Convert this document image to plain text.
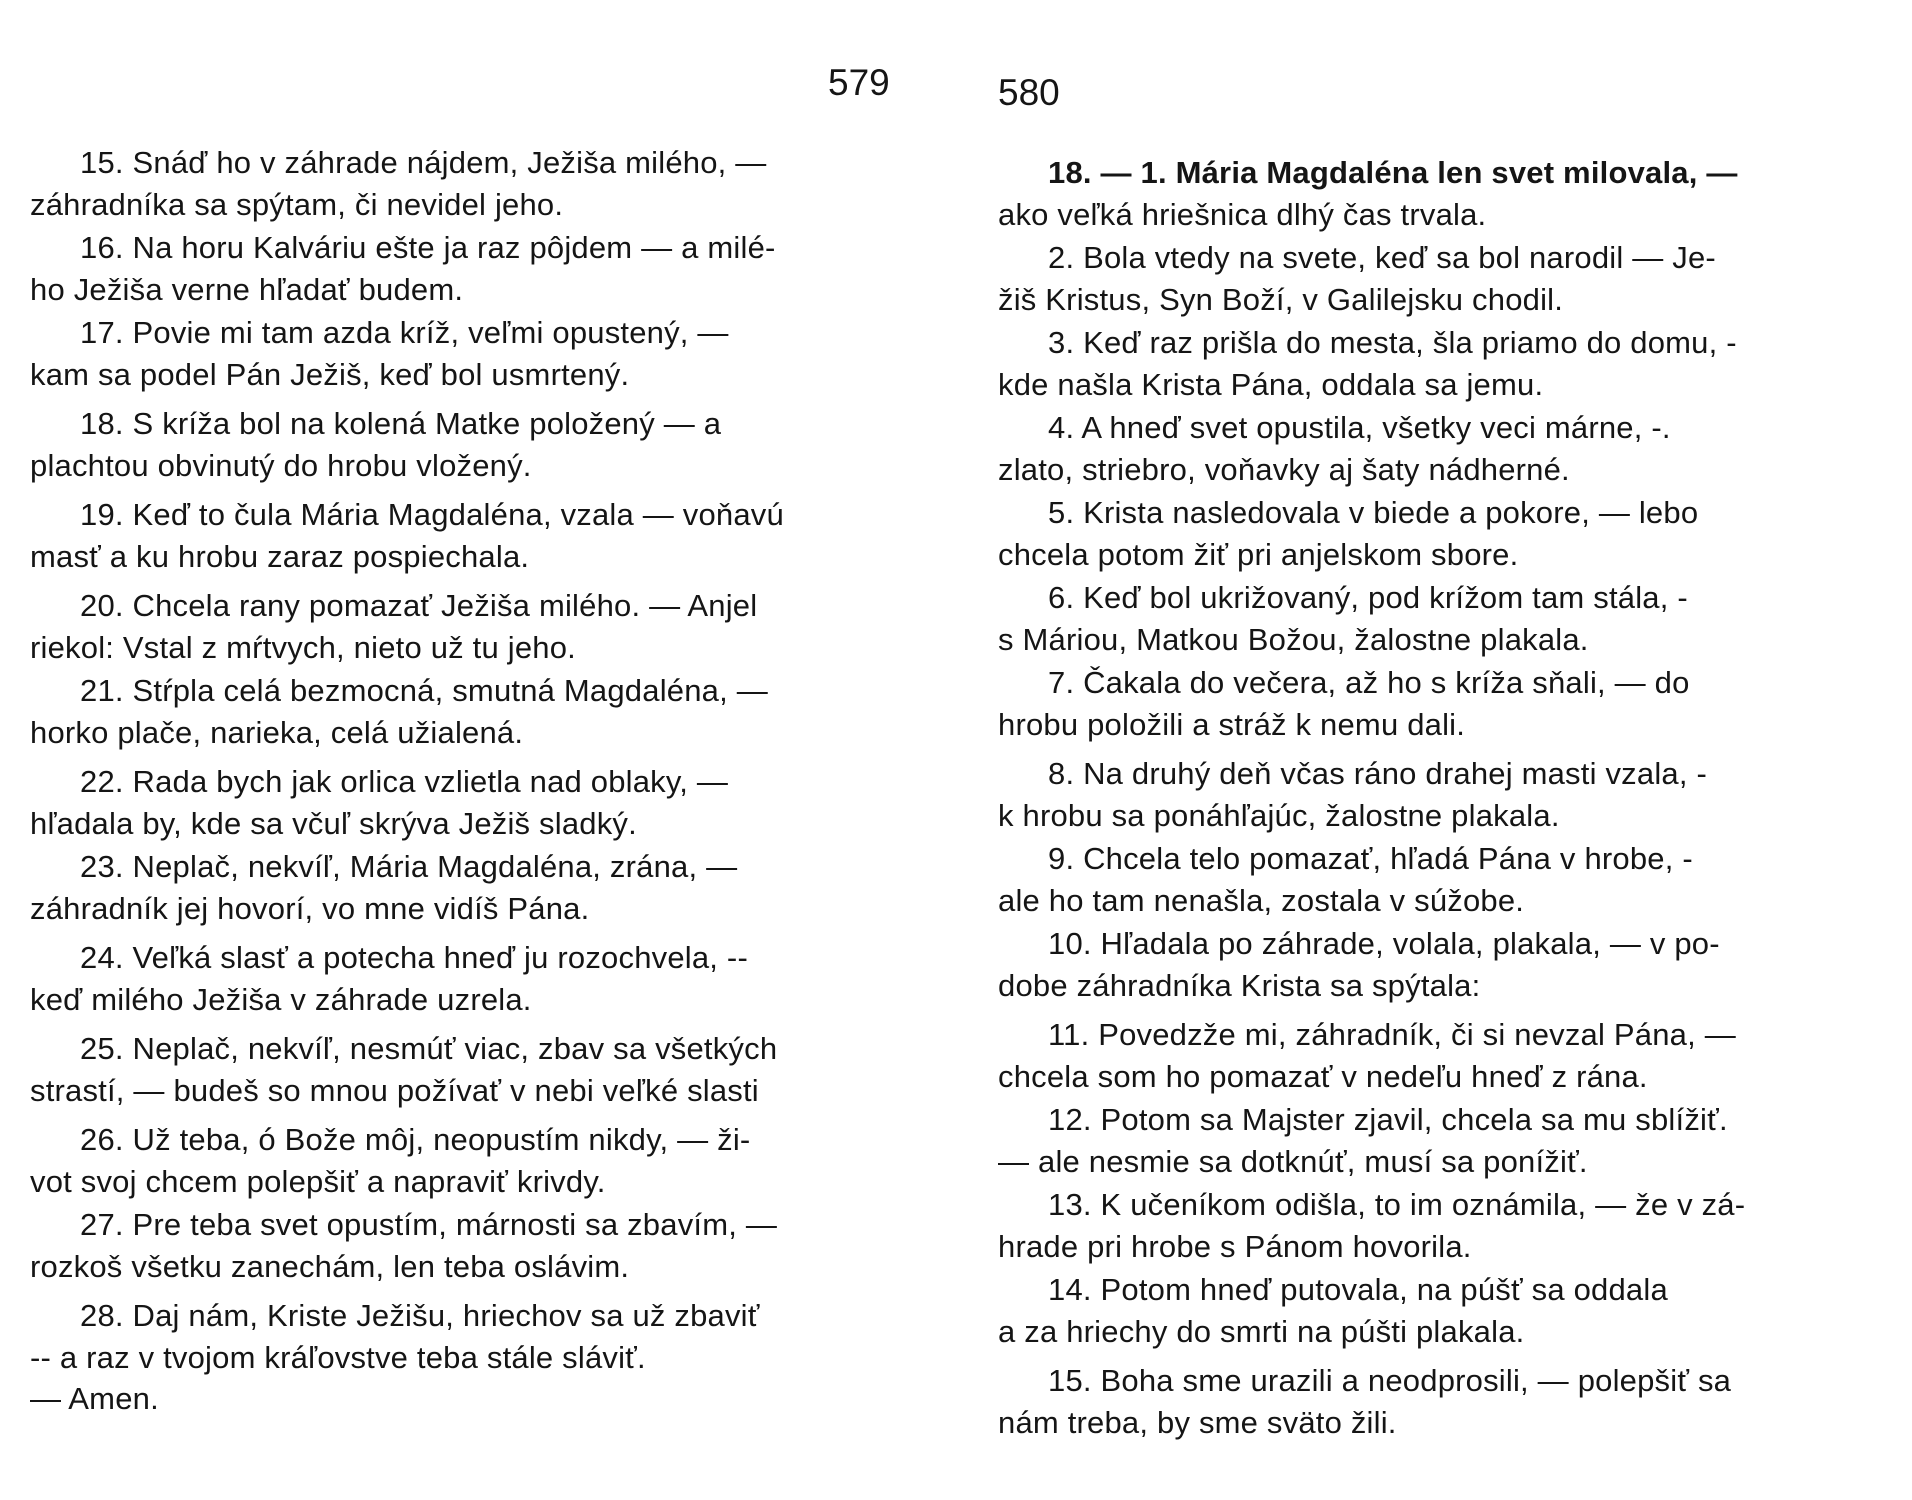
579

15. Snáď ho v záhrade nájdem, Ježiša milého, —
záhradníka sa spýtam, či nevidel jeho.

16. Na horu Kalváriu ešte ja raz pôjdem — a milé-
ho Ježiša verne hľadať budem.

17. Povie mi tam azda kríž, veľmi opustený, —
kam sa podel Pán Ježiš, keď bol usmrtený.

18. S kríža bol na kolená Matke položený — a
plachtou obvinutý do hrobu vložený.

19. Keď to čula Mária Magdaléna, vzala — voňavú
masť a ku hrobu zaraz pospiechala.

20. Chcela rany pomazať Ježiša milého. — Anjel
riekol: Vstal z mŕtvych, nieto už tu jeho.

21. Stŕpla celá bezmocná, smutná Magdaléna, —
horko plače, narieka, celá užialená.

22. Rada bych jak orlica vzlietla nad oblaky, —
hľadala by, kde sa včuľ skrýva Ježiš sladký.

23. Neplač, nekvíľ, Mária Magdaléna, zrána, —
záhradník jej hovorí, vo mne vidíš Pána.

24. Veľká slasť a potecha hneď ju rozochvela, --
keď milého Ježiša v záhrade uzrela.

25. Neplač, nekvíľ, nesmúť viac, zbav sa všetkých
strastí, — budeš so mnou požívať v nebi veľké slasti

26. Už teba, ó Bože môj, neopustím nikdy, — ži-
vot svoj chcem polepšiť a napraviť krivdy.

27. Pre teba svet opustím, márnosti sa zbavím, —
rozkoš všetku zanechám, len teba oslávim.

28. Daj nám, Kriste Ježišu, hriechov sa už zbaviť
-- a raz v tvojom kráľovstve teba stále sláviť.
— Amen.

580

18. — 1. Mária Magdaléna len svet milovala, —
ako veľká hriešnica dlhý čas trvala.

2. Bola vtedy na svete, keď sa bol narodil — Je-
žiš Kristus, Syn Boží, v Galilejsku chodil.

3. Keď raz prišla do mesta, šla priamo do domu, -
kde našla Krista Pána, oddala sa jemu.

4. A hneď svet opustila, všetky veci márne, -.
zlato, striebro, voňavky aj šaty nádherné.

5. Krista nasledovala v biede a pokore, — lebo
chcela potom žiť pri anjelskom sbore.

6. Keď bol ukrižovaný, pod krížom tam stála, -
s Máriou, Matkou Božou, žalostne plakala.

7. Čakala do večera, až ho s kríža sňali, — do
hrobu položili a stráž k nemu dali.

8. Na druhý deň včas ráno drahej masti vzala, -
k hrobu sa ponáhľajúc, žalostne plakala.

9. Chcela telo pomazať, hľadá Pána v hrobe, -
ale ho tam nenašla, zostala v súžobe.

10. Hľadala po záhrade, volala, plakala, — v po-
dobe záhradníka Krista sa spýtala:

11. Povedzže mi, záhradník, či si nevzal Pána, —
chcela som ho pomazať v nedeľu hneď z rána.

12. Potom sa Majster zjavil, chcela sa mu sblížiť.
— ale nesmie sa dotknúť, musí sa ponížiť.

13. K učeníkom odišla, to im oznámila, — že v zá-
hrade pri hrobe s Pánom hovorila.

14. Potom hneď putovala, na púšť sa oddala
a za hriechy do smrti na púšti plakala.

15. Boha sme urazili a neodprosili, — polepšiť sa
nám treba, by sme sväto žili.
